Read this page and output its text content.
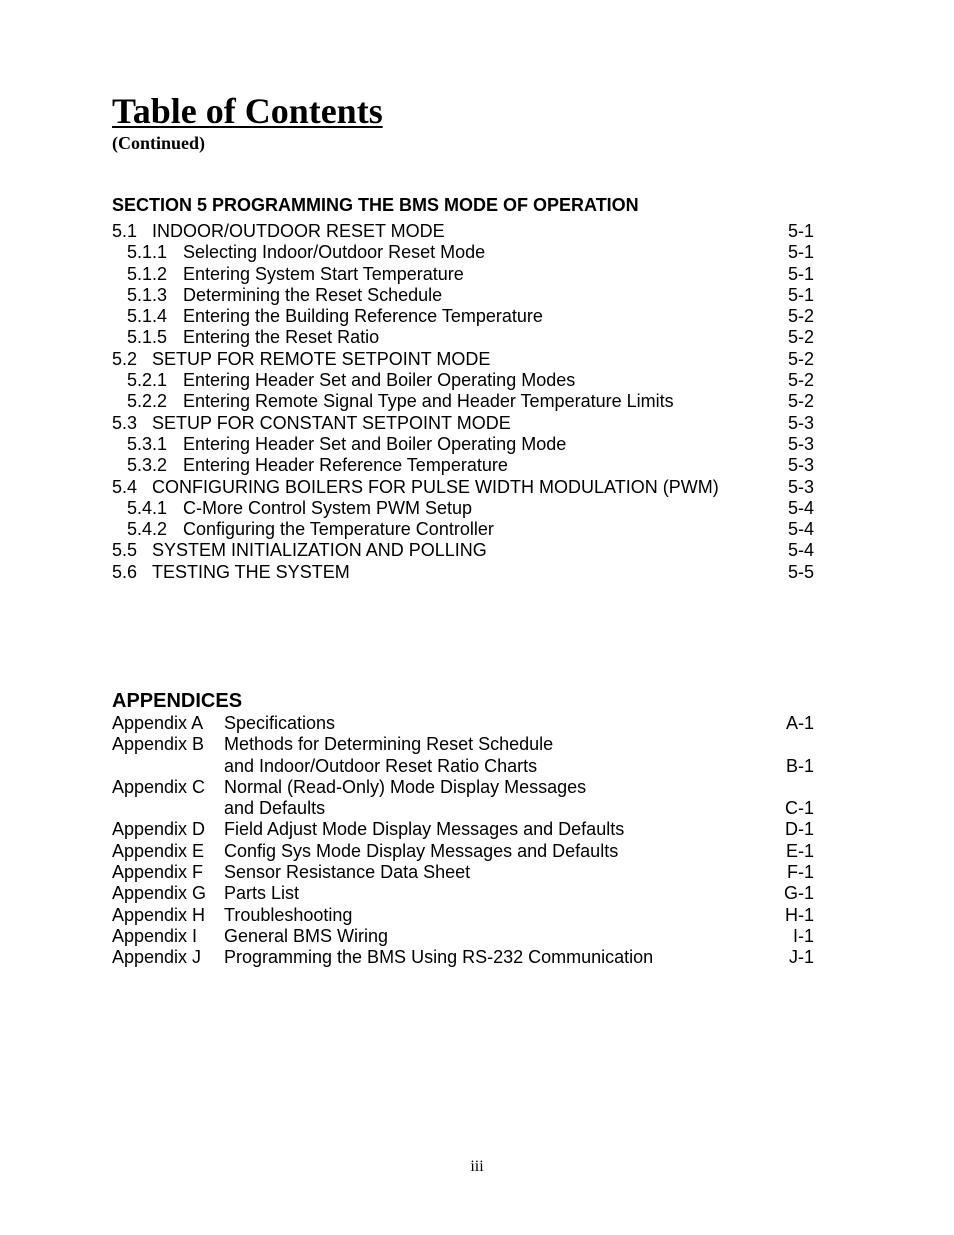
Table of Contents
(Continued)
SECTION 5 PROGRAMMING THE BMS MODE OF OPERATION
5.1 INDOOR/OUTDOOR RESET MODE	5-1
5.1.1 Selecting Indoor/Outdoor Reset Mode	5-1
5.1.2 Entering System Start Temperature	5-1
5.1.3 Determining the Reset Schedule	5-1
5.1.4 Entering the Building Reference Temperature	5-2
5.1.5 Entering the Reset Ratio	5-2
5.2 SETUP FOR REMOTE SETPOINT MODE	5-2
5.2.1 Entering Header Set and Boiler Operating Modes	5-2
5.2.2 Entering Remote Signal Type and Header Temperature Limits	5-2
5.3 SETUP FOR CONSTANT SETPOINT MODE	5-3
5.3.1 Entering Header Set and Boiler Operating Mode	5-3
5.3.2 Entering Header Reference Temperature	5-3
5.4 CONFIGURING BOILERS FOR PULSE WIDTH MODULATION (PWM)	5-3
5.4.1 C-More Control System PWM Setup	5-4
5.4.2 Configuring the Temperature Controller	5-4
5.5 SYSTEM INITIALIZATION AND POLLING	5-4
5.6 TESTING THE SYSTEM	5-5
APPENDICES
Appendix A Specifications	A-1
Appendix B Methods for Determining Reset Schedule
and Indoor/Outdoor Reset Ratio Charts	B-1
Appendix C Normal (Read-Only) Mode Display Messages
and Defaults	C-1
Appendix D Field Adjust Mode Display Messages and Defaults	D-1
Appendix E Config Sys Mode Display Messages and Defaults	E-1
Appendix F Sensor Resistance Data Sheet	F-1
Appendix G Parts List	G-1
Appendix H Troubleshooting	H-1
Appendix I General BMS Wiring	I-1
Appendix J Programming the BMS Using RS-232 Communication	J-1
iii
